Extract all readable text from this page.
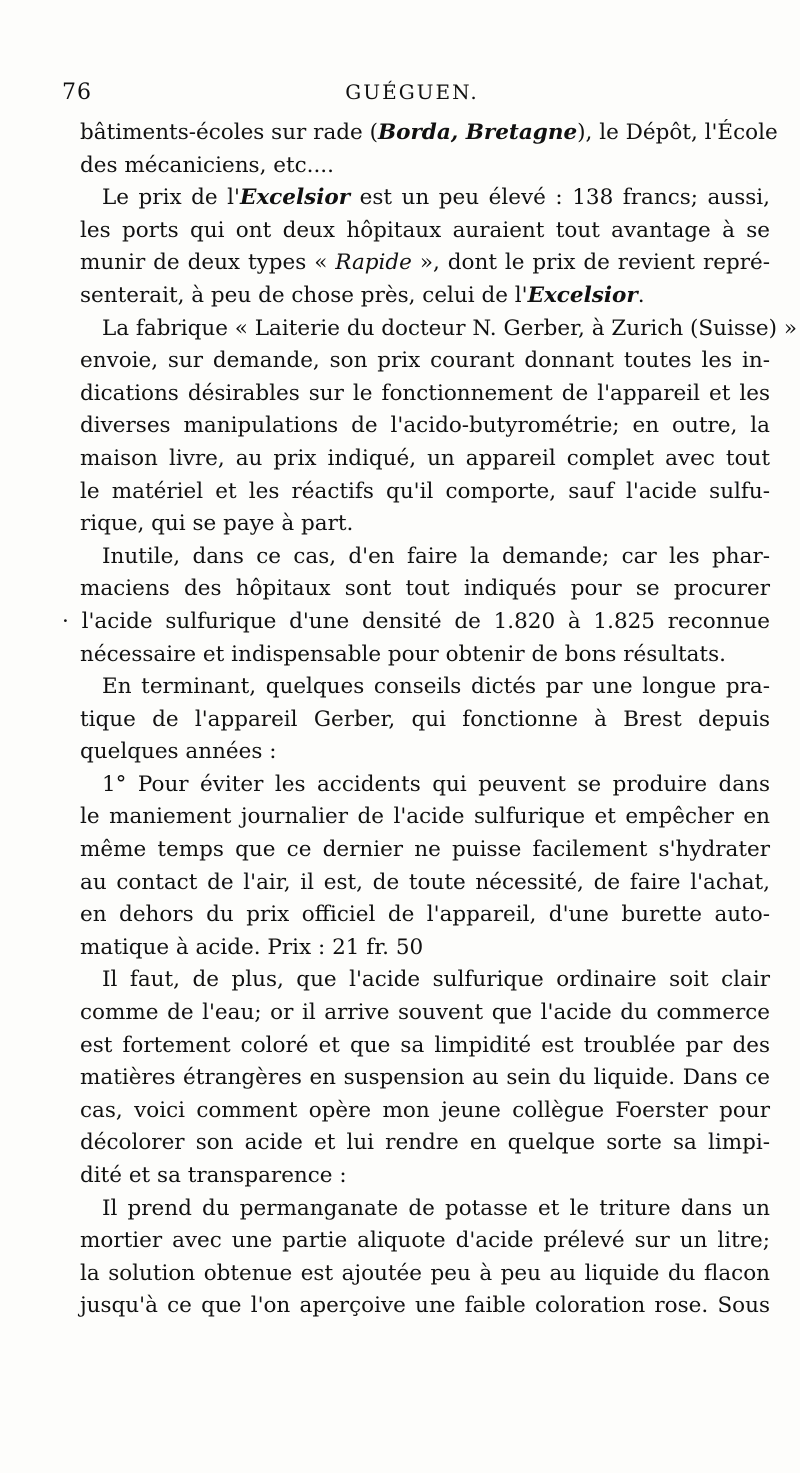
76	GUÉGUEN.
bâtiments-écoles sur rade (Borda, Bretagne), le Dépôt, l'École
des mécaniciens, etc....
Le prix de l'Excelsior est un peu élevé : 138 francs; aussi,
les ports qui ont deux hôpitaux auraient tout avantage à se
munir de deux types « Rapide », dont le prix de revient repré-
senterait, à peu de chose près, celui de l'Excelsior.
La fabrique « Laiterie du docteur N. Gerber, à Zurich (Suisse) »
envoie, sur demande, son prix courant donnant toutes les in-
dications désirables sur le fonctionnement de l'appareil et les
diverses manipulations de l'acido-butyrométrie; en outre, la
maison livre, au prix indiqué, un appareil complet avec tout
le matériel et les réactifs qu'il comporte, sauf l'acide sulfu-
rique, qui se paye à part.
Inutile, dans ce cas, d'en faire la demande; car les phar-
maciens des hôpitaux sont tout indiqués pour se procurer
· l'acide sulfurique d'une densité de 1.820 à 1.825 reconnue
nécessaire et indispensable pour obtenir de bons résultats.
En terminant, quelques conseils dictés par une longue pra-
tique de l'appareil Gerber, qui fonctionne à Brest depuis
quelques années :
1° Pour éviter les accidents qui peuvent se produire dans
le maniement journalier de l'acide sulfurique et empêcher en
même temps que ce dernier ne puisse facilement s'hydrater
au contact de l'air, il est, de toute nécessité, de faire l'achat,
en dehors du prix officiel de l'appareil, d'une burette auto-
matique à acide. Prix : 21 fr. 50
Il faut, de plus, que l'acide sulfurique ordinaire soit clair
comme de l'eau; or il arrive souvent que l'acide du commerce
est fortement coloré et que sa limpidité est troublée par des
matières étrangères en suspension au sein du liquide. Dans ce
cas, voici comment opère mon jeune collègue Foerster pour
décolorer son acide et lui rendre en quelque sorte sa limpi-
dité et sa transparence :
Il prend du permanganate de potasse et le triture dans un
mortier avec une partie aliquote d'acide prélevé sur un litre;
la solution obtenue est ajoutée peu à peu au liquide du flacon
jusqu'à ce que l'on aperçoive une faible coloration rose. Sous
